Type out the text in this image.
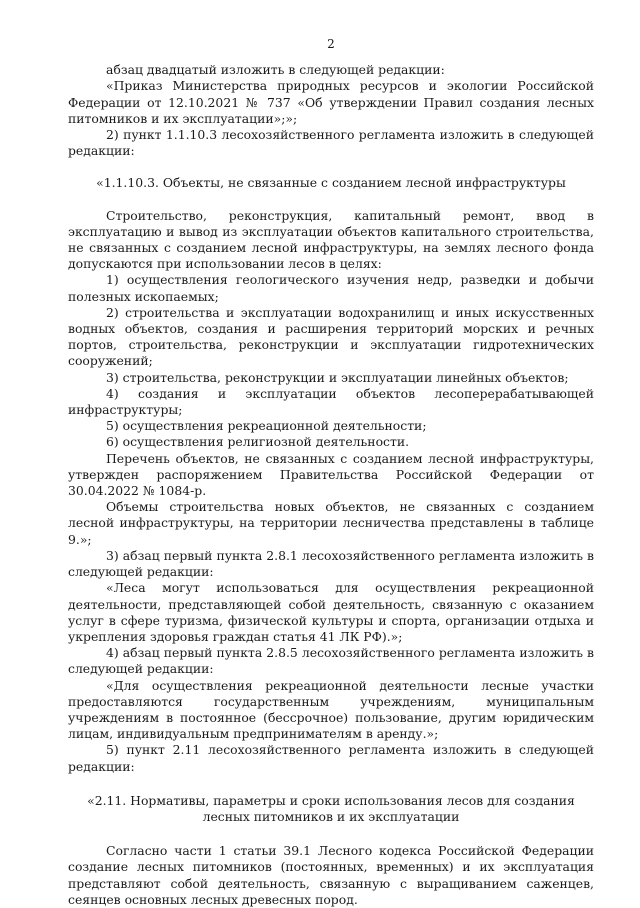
2

абзац двадцатый изложить в следующей редакции:

«Приказ Министерства природных ресурсов и экологии Российской Федерации от 12.10.2021 № 737 «Об утверждении Правил создания лесных питомников и их эксплуатации»;»;

2) пункт 1.1.10.3 лесохозяйственного регламента изложить в следующей редакции:

«1.1.10.3. Объекты, не связанные с созданием лесной инфраструктуры

Строительство, реконструкция, капитальный ремонт, ввод в эксплуатацию и вывод из эксплуатации объектов капитального строительства, не связанных с созданием лесной инфраструктуры, на землях лесного фонда допускаются при использовании лесов в целях:

1) осуществления геологического изучения недр, разведки и добычи полезных ископаемых;

2) строительства и эксплуатации водохранилищ и иных искусственных водных объектов, создания и расширения территорий морских и речных портов, строительства, реконструкции и эксплуатации гидротехнических сооружений;

3) строительства, реконструкции и эксплуатации линейных объектов;

4) создания и эксплуатации объектов лесоперерабатывающей инфраструктуры;

5) осуществления рекреационной деятельности;

6) осуществления религиозной деятельности.

Перечень объектов, не связанных с созданием лесной инфраструктуры, утвержден распоряжением Правительства Российской Федерации от 30.04.2022 № 1084-р.

Объемы строительства новых объектов, не связанных с созданием лесной инфраструктуры, на территории лесничества представлены в таблице 9.»;

3) абзац первый пункта 2.8.1 лесохозяйственного регламента изложить в следующей редакции:

«Леса могут использоваться для осуществления рекреационной деятельности, представляющей собой деятельность, связанную с оказанием услуг в сфере туризма, физической культуры и спорта, организации отдыха и укрепления здоровья граждан статья 41 ЛК РФ).»;

4) абзац первый пункта 2.8.5 лесохозяйственного регламента изложить в следующей редакции:

«Для осуществления рекреационной деятельности лесные участки предоставляются государственным учреждениям, муниципальным учреждениям в постоянное (бессрочное) пользование, другим юридическим лицам, индивидуальным предпринимателям в аренду.»;

5) пункт 2.11 лесохозяйственного регламента изложить в следующей редакции:

«2.11. Нормативы, параметры и сроки использования лесов для создания лесных питомников и их эксплуатации

Согласно части 1 статьи 39.1 Лесного кодекса Российской Федерации создание лесных питомников (постоянных, временных) и их эксплуатация представляют собой деятельность, связанную с выращиванием саженцев, сеянцев основных лесных древесных пород.
